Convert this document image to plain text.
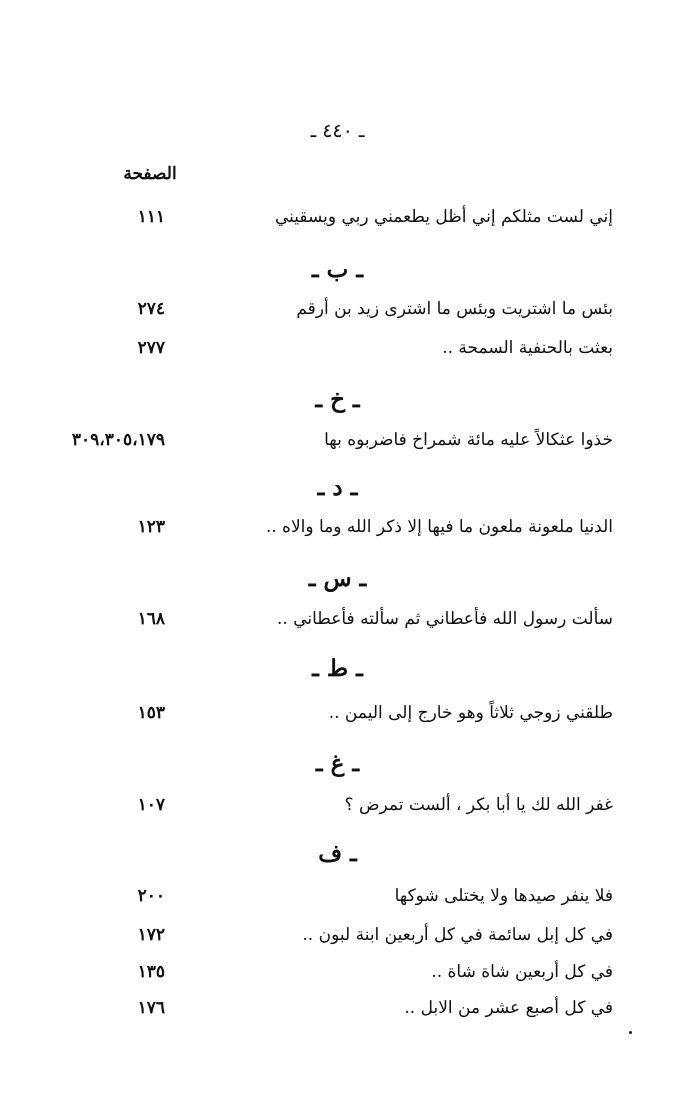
ـ ٤٤٠ ـ
الصفحة
إني لست مثلكم إني أظل يطعمني ربي ويسقيني
١١١
ـ ب ـ
بئس ما اشتريت وبئس ما اشترى زيد بن أرقم
٢٧٤
بعثت بالحنفية السمحة ..
٢٧٧
ـ خ ـ
خذوا عثكالاً عليه مائة شمراخ فاضربوه بها
٣٠٩،٣٠٥،١٧٩
ـ د ـ
الدنيا ملعونة ملعون ما فيها إلا ذكر الله وما والاه ..
١٢٣
ـ س ـ
سألت رسول الله فأعطاني ثم سألته فأعطاني ..
١٦٨
ـ ط ـ
طلقني زوجي ثلاثاً وهو خارج إلى اليمن ..
١٥٣
ـ غ ـ
غفر الله لك يا أبا بكر ، ألست تمرض ؟
١٠٧
ـ ف
فلا ينفر صيدها ولا يختلى شوكها
٢٠٠
في كل إبل سائمة في كل أربعين ابنة لبون ..
١٧٢
في كل أربعين شاة شاة ..
١٣٥
في كل أصبع عشر من الابل ..
١٧٦
